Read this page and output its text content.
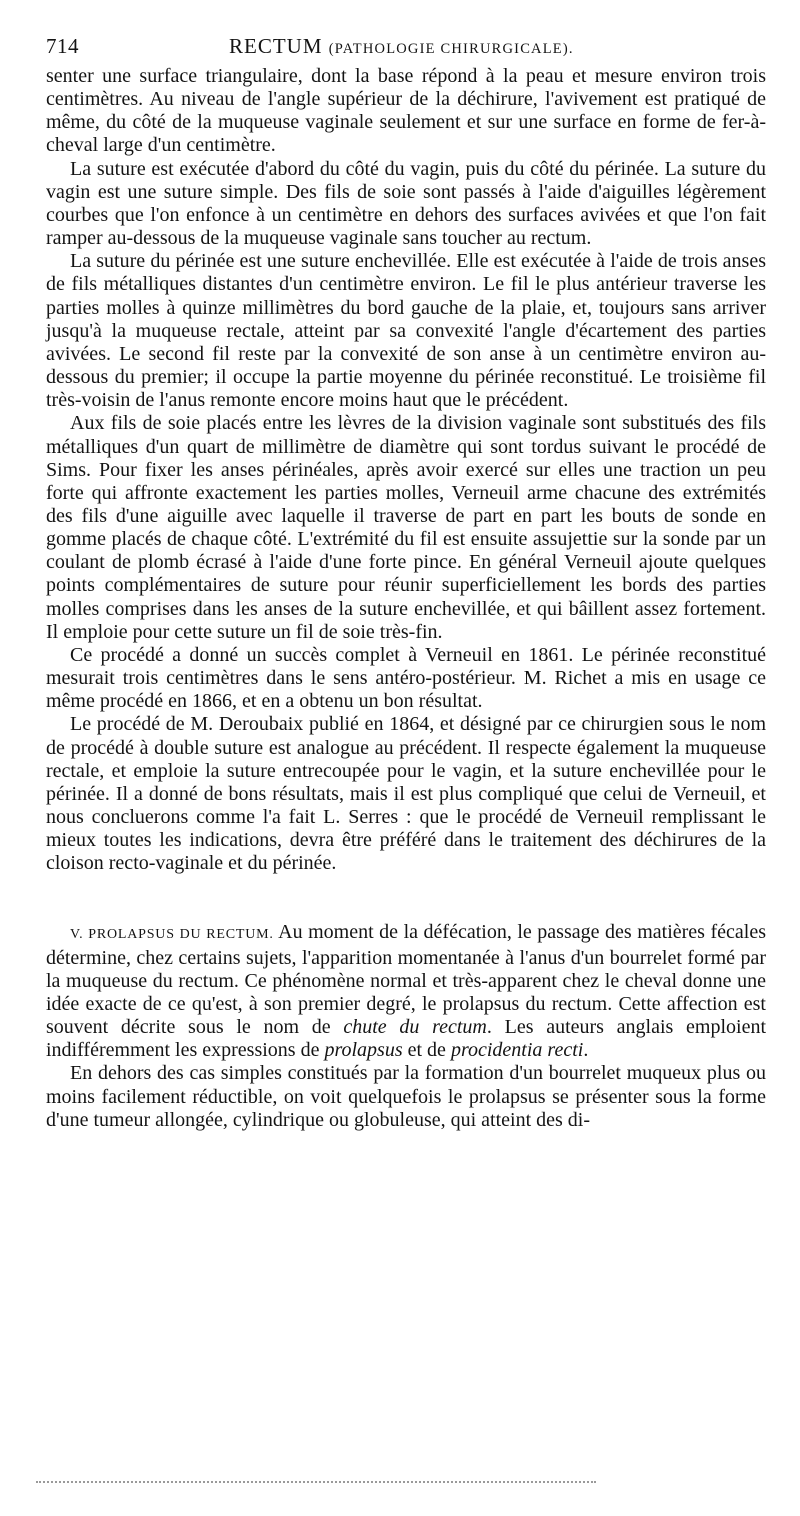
714	RECTUM (PATHOLOGIE CHIRURGICALE).

senter une surface triangulaire, dont la base répond à la peau et mesure environ trois centimètres. Au niveau de l'angle supérieur de la déchirure, l'avivement est pratiqué de même, du côté de la muqueuse vaginale seulement et sur une surface en forme de fer-à-cheval large d'un centimètre.

La suture est exécutée d'abord du côté du vagin, puis du côté du périnée. La suture du vagin est une suture simple. Des fils de soie sont passés à l'aide d'aiguilles légèrement courbes que l'on enfonce à un centimètre en dehors des surfaces avivées et que l'on fait ramper au-dessous de la muqueuse vaginale sans toucher au rectum.

La suture du périnée est une suture enchevillée. Elle est exécutée à l'aide de trois anses de fils métalliques distantes d'un centimètre environ. Le fil le plus antérieur traverse les parties molles à quinze millimètres du bord gauche de la plaie, et, toujours sans arriver jusqu'à la muqueuse rectale, atteint par sa convexité l'angle d'écartement des parties avivées. Le second fil reste par la convexité de son anse à un centimètre environ au-dessous du premier; il occupe la partie moyenne du périnée reconstitué. Le troisième fil très-voisin de l'anus remonte encore moins haut que le précédent.

Aux fils de soie placés entre les lèvres de la division vaginale sont substitués des fils métalliques d'un quart de millimètre de diamètre qui sont tordus suivant le procédé de Sims. Pour fixer les anses périnéales, après avoir exercé sur elles une traction un peu forte qui affronte exactement les parties molles, Verneuil arme chacune des extrémités des fils d'une aiguille avec laquelle il traverse de part en part les bouts de sonde en gomme placés de chaque côté. L'extrémité du fil est ensuite assujettie sur la sonde par un coulant de plomb écrasé à l'aide d'une forte pince. En général Verneuil ajoute quelques points complémentaires de suture pour réunir superficiellement les bords des parties molles comprises dans les anses de la suture enchevillée, et qui bâillent assez fortement. Il emploie pour cette suture un fil de soie très-fin.

Ce procédé a donné un succès complet à Verneuil en 1861. Le périnée reconstitué mesurait trois centimètres dans le sens antéro-postérieur. M. Richet a mis en usage ce même procédé en 1866, et en a obtenu un bon résultat.

Le procédé de M. Deroubaix publié en 1864, et désigné par ce chirurgien sous le nom de procédé à double suture est analogue au précédent. Il respecte également la muqueuse rectale, et emploie la suture entrecoupée pour le vagin, et la suture enchevillée pour le périnée. Il a donné de bons résultats, mais il est plus compliqué que celui de Verneuil, et nous concluerons comme l'a fait L. Serres : que le procédé de Verneuil remplissant le mieux toutes les indications, devra être préféré dans le traitement des déchirures de la cloison recto-vaginale et du périnée.

V. PROLAPSUS DU RECTUM. Au moment de la défécation, le passage des matières fécales détermine, chez certains sujets, l'apparition momentanée à l'anus d'un bourrelet formé par la muqueuse du rectum. Ce phénomène normal et très-apparent chez le cheval donne une idée exacte de ce qu'est, à son premier degré, le prolapsus du rectum. Cette affection est souvent décrite sous le nom de chute du rectum. Les auteurs anglais emploient indifféremment les expressions de prolapsus et de procidentia recti.

En dehors des cas simples constitués par la formation d'un bourrelet muqueux plus ou moins facilement réductible, on voit quelquefois le prolapsus se présenter sous la forme d'une tumeur allongée, cylindrique ou globuleuse, qui atteint des di-
